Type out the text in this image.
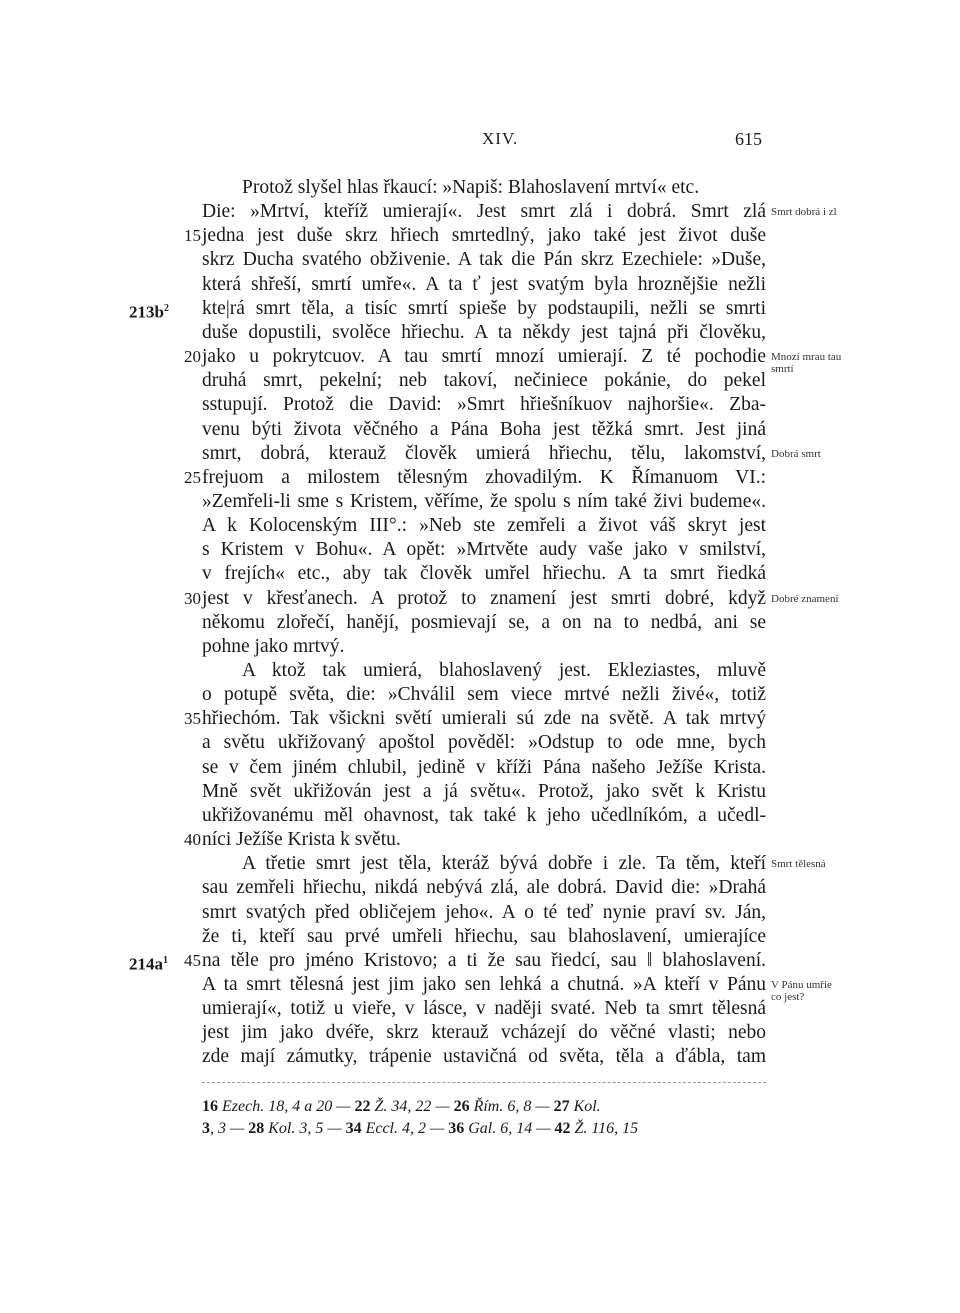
XIV.	615
Protož slyšel hlas řkaucí: »Napiš: Blahoslavení mrtví« etc.
Die: »Mrtví, kteříž umierají«. Jest smrt zlá i dobrá. Smrt zlá
jedna jest duše skrz hřiech smrtedlný, jako také jest život duše
15
skrz Ducha svatého obživenie. A tak die Pán skrz Ezechiele: »Duše,
která shřeší, smrtí umře«. A ta ť jest svatým byla hroznějšie nežli
kte|rá smrt těla, a tisíc smrtí spieše by podstaupili, nežli se smrti
$213b^2$
duše dopustili, svolěce hřiechu. A ta někdy jest tajná při člověku,
jako u pokrytcuov. A tau smrtí mnozí umierají. Z té pochodie
20
druhá smrt, pekelní; neb takoví, nečiniece pokánie, do pekel
sstupují. Protož die David: »Smrt hřiešníkuov najhoršie«. Zba-
venu býti života věčného a Pána Boha jest těžká smrt. Jest jiná
smrt, dobrá, kterauž člověk umierá hřiechu, tělu, lakomství,
frejuom a milostem tělesným zhovadilým. K Římanuom VI.:
25
»Zemřeli-li sme s Kristem, věříme, že spolu s ním také živi budeme«.
A k Kolocenským III°.: »Neb ste zemřeli a život váš skryt jest
s Kristem v Bohu«. A opět: »Mrtvěte audy vaše jako v smilství,
v frejích« etc., aby tak člověk umřel hřiechu. A ta smrt řiedká
jest v křesťanech. A protož to znamení jest smrti dobré, když
30
někomu zlořečí, hanějí, posmievají se, a on na to nedbá, ani se
pohne jako mrtvý.
A ktož tak umierá, blahoslavený jest. Ekleziastes, mluvě
o potupě světa, die: »Chválil sem viece mrtvé nežli živé«, totiž
hřiechóm. Tak všickni světí umierali sú zde na světě. A tak mrtvý
35
a světu ukřižovaný apoštol pověděl: »Odstup to ode mne, bych
se v čem jiném chlubil, jedině v kříži Pána našeho Ježíše Krista.
Mně svět ukřižován jest a já světu«. Protož, jako svět k Kristu
ukřižovanému měl ohavnost, tak také k jeho učedlníkóm, a učedl-
níci Ježíše Krista k světu.
40
A třetie smrt jest těla, kteráž bývá dobře i zle. Ta těm, kteří
sau zemřeli hřiechu, nikdá nebývá zlá, ale dobrá. David die: »Drahá
smrt svatých před obličejem jeho«. A o té teď nynie praví sv. Ján,
že ti, kteří sau prvé umřeli hřiechu, sau blahoslavení, umierajíce
na těle pro jméno Kristovo; a ti že sau řiedcí, sau ‖ blahoslavení.
45
$214a^1$
A ta smrt tělesná jest jim jako sen lehká a chutná. »A kteří v Pánu
umierají«, totiž u vieře, v lásce, v naději svaté. Neb ta smrt tělesná
jest jim jako dvéře, skrz kterauž vcházejí do věčné vlasti; nebo
zde mají zámutky, trápenie ustavičná od světa, těla a ďábla, tam
Smrt dobrá i zl
Mnozí mrau tau
smrtí
Dobrá smrt
Dobré znamení
Smrt tělesná
V Pánu umřie
co jest?
16 Ezech. 18, 4 a 20 — 22 Ž. 34, 22 — 26 Řím. 6, 8 — 27 Kol.
3, 3 — 28 Kol. 3, 5 — 34 Eccl. 4, 2 — 36 Gal. 6, 14 — 42 Ž. 116, 15
